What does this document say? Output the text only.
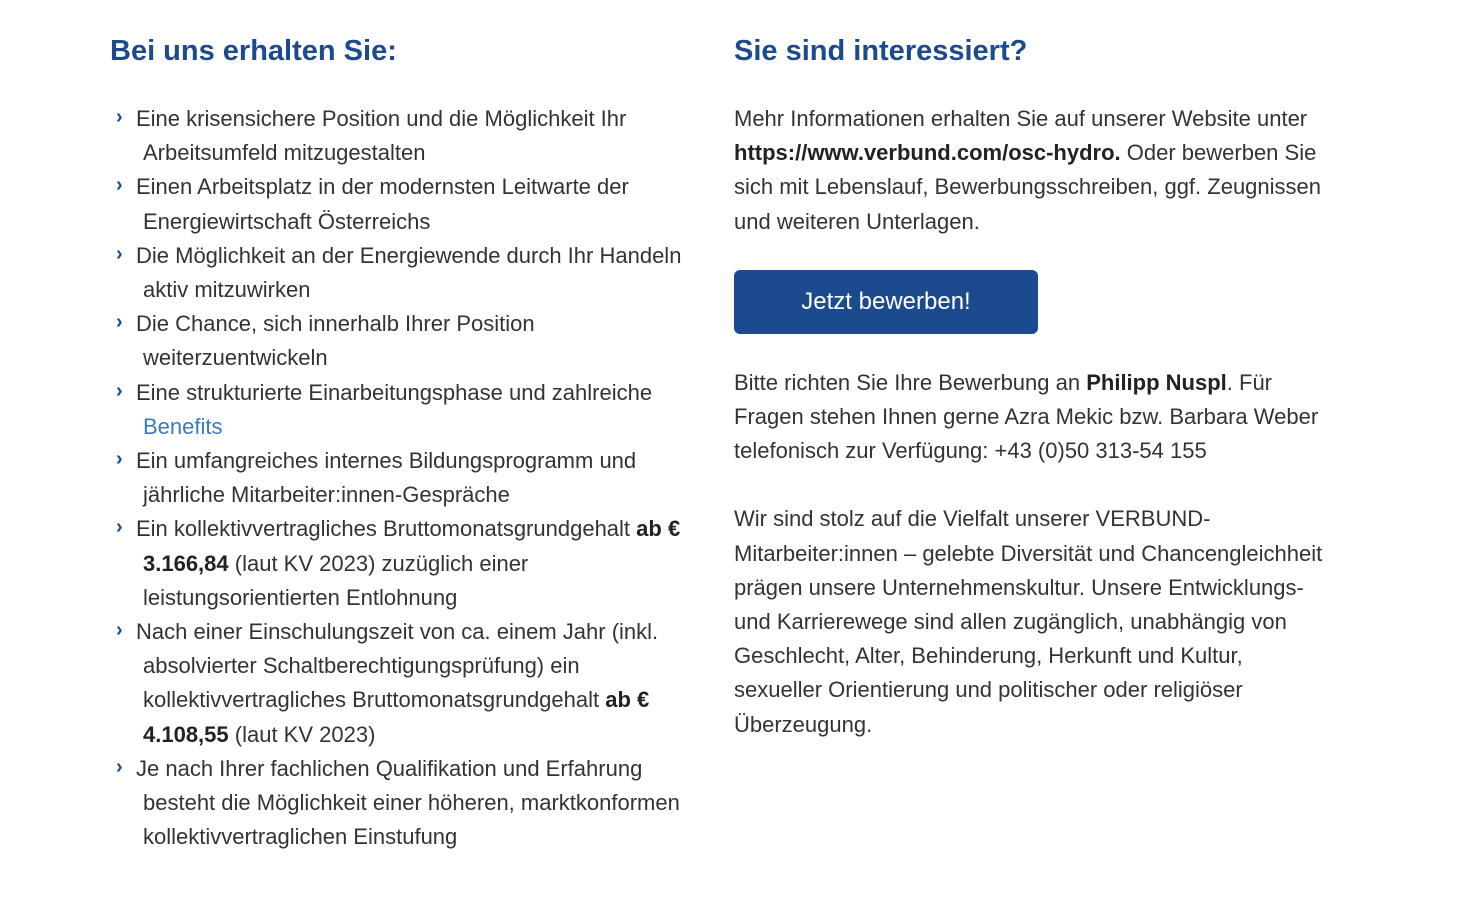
Bei uns erhalten Sie:
› Eine krisensichere Position und die Möglichkeit Ihr Arbeitsumfeld mitzugestalten
› Einen Arbeitsplatz in der modernsten Leitwarte der Energiewirtschaft Österreichs
› Die Möglichkeit an der Energiewende durch Ihr Handeln aktiv mitzuwirken
› Die Chance, sich innerhalb Ihrer Position weiterzuentwickeln
› Eine strukturierte Einarbeitungsphase und zahlreiche Benefits
› Ein umfangreiches internes Bildungsprogramm und jährliche Mitarbeiter:innen-Gespräche
› Ein kollektivvertragliches Bruttomonatsgrundgehalt ab € 3.166,84 (laut KV 2023) zuzüglich einer leistungsorientierten Entlohnung
› Nach einer Einschulungszeit von ca. einem Jahr (inkl. absolvierter Schaltberechtigungsprüfung) ein kollektivvertragliches Bruttomonatsgrundgehalt ab € 4.108,55 (laut KV 2023)
› Je nach Ihrer fachlichen Qualifikation und Erfahrung besteht die Möglichkeit einer höheren, marktkonformen kollektivvertraglichen Einstufung
Sie sind interessiert?

Mehr Informationen erhalten Sie auf unserer Website unter https://www.verbund.com/osc-hydro. Oder bewerben Sie sich mit Lebenslauf, Bewerbungsschreiben, ggf. Zeugnissen und weiteren Unterlagen.

Jetzt bewerben!

Bitte richten Sie Ihre Bewerbung an Philipp Nuspl. Für Fragen stehen Ihnen gerne Azra Mekic bzw. Barbara Weber telefonisch zur Verfügung: +43 (0)50 313-54 155

Wir sind stolz auf die Vielfalt unserer VERBUND-Mitarbeiter:innen – gelebte Diversität und Chancengleichheit prägen unsere Unternehmenskultur. Unsere Entwicklungs- und Karrierewege sind allen zugänglich, unabhängig von Geschlecht, Alter, Behinderung, Herkunft und Kultur, sexueller Orientierung und politischer oder religiöser Überzeugung.
